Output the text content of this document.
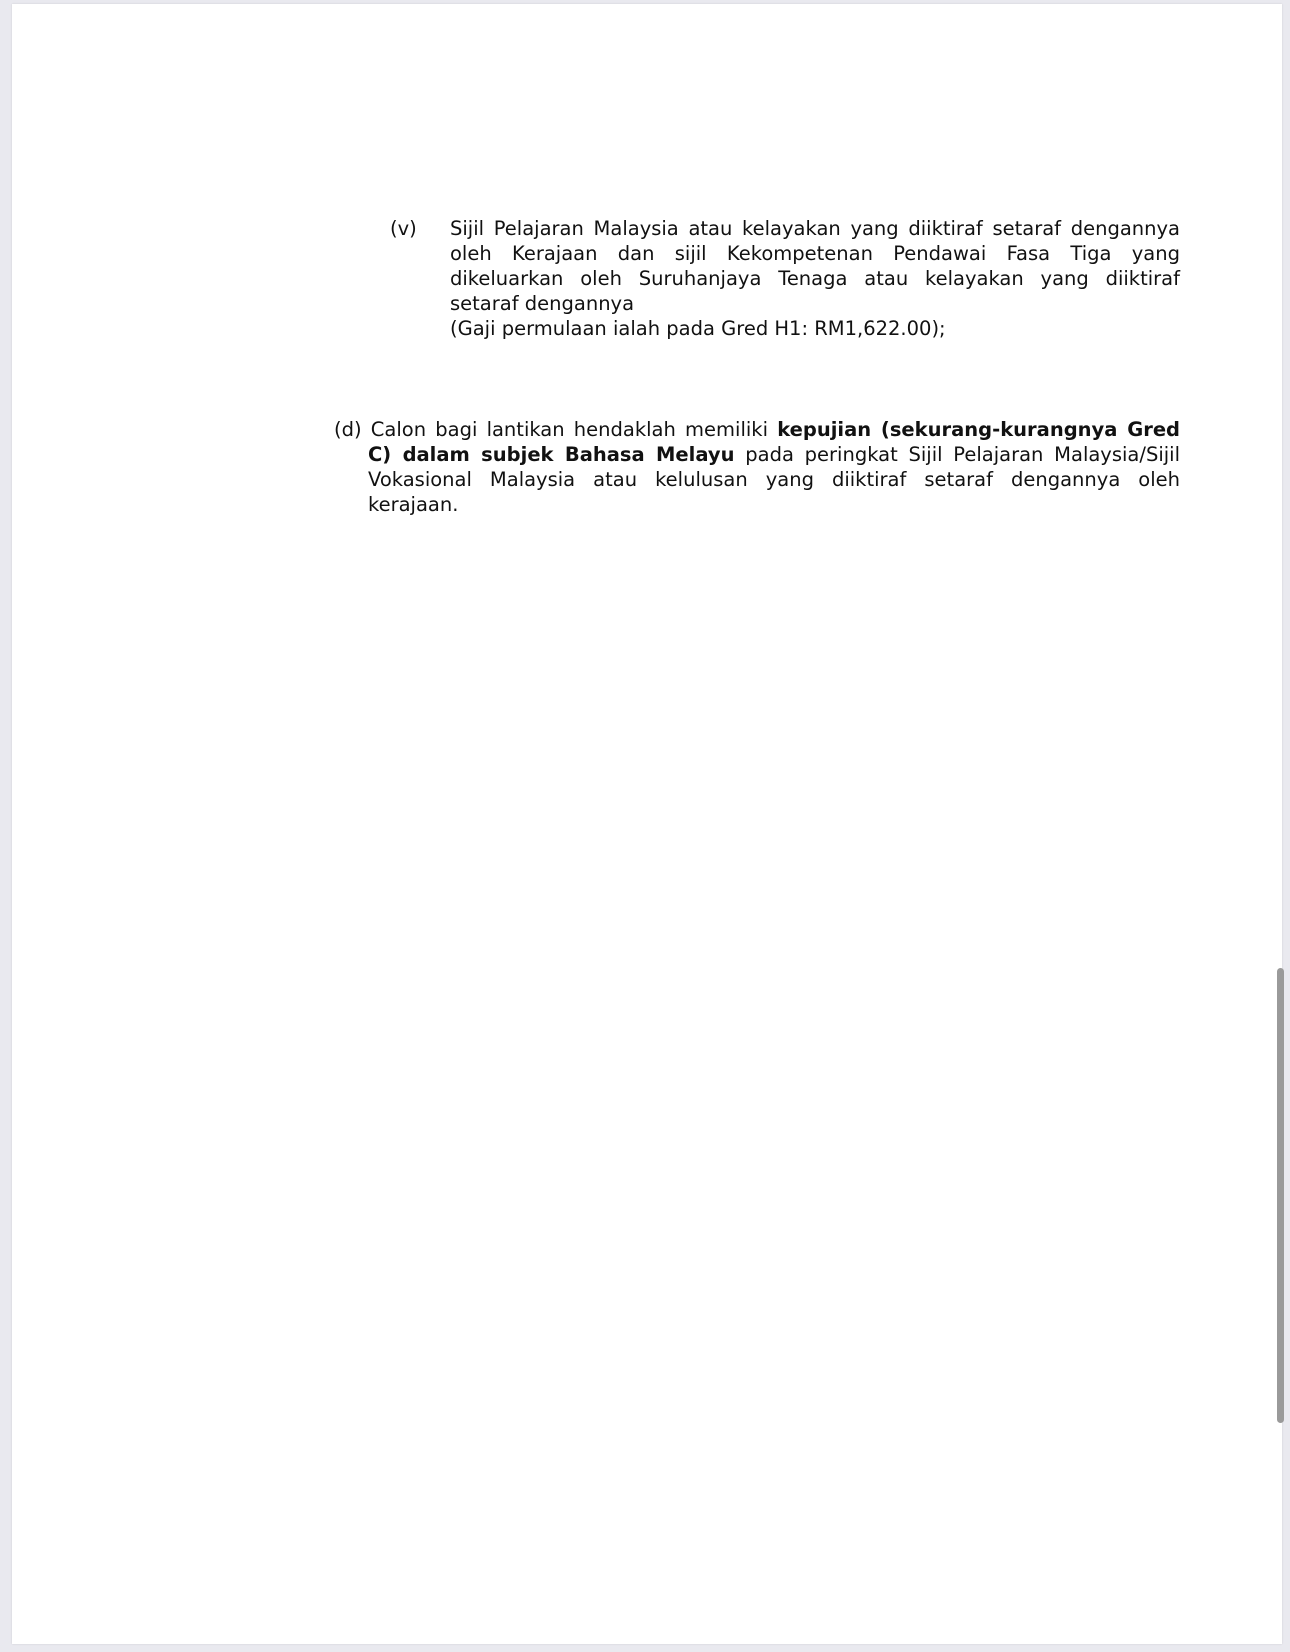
(v)	Sijil Pelajaran Malaysia atau kelayakan yang diiktiraf setaraf dengannya oleh Kerajaan dan sijil Kekompetenan Pendawai Fasa Tiga yang dikeluarkan oleh Suruhanjaya Tenaga atau kelayakan yang diiktiraf setaraf dengannya
(Gaji permulaan ialah pada Gred H1: RM1,622.00);
(d) Calon bagi lantikan hendaklah memiliki kepujian (sekurang-kurangnya Gred C) dalam subjek Bahasa Melayu pada peringkat Sijil Pelajaran Malaysia/Sijil Vokasional Malaysia atau kelulusan yang diiktiraf setaraf dengannya oleh kerajaan.
